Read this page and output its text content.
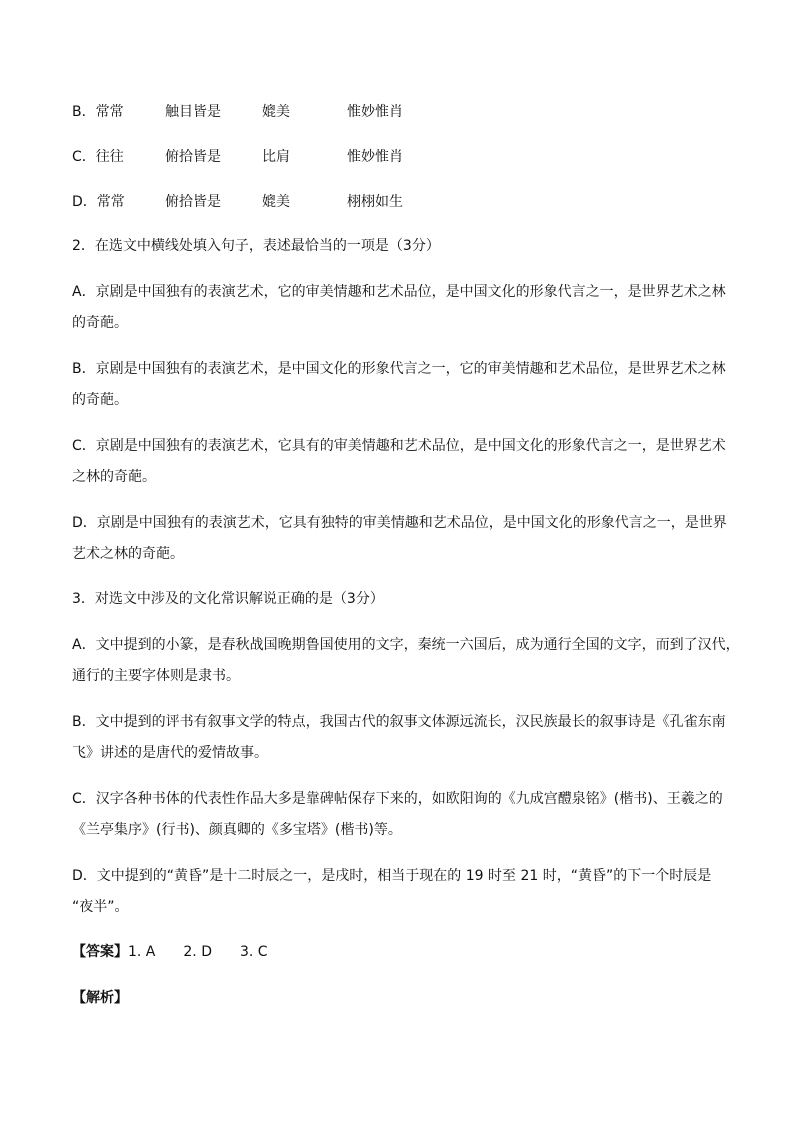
B．常常	触目皆是	媲美	惟妙惟肖
C．往往	俯拾皆是	比肩	惟妙惟肖
D．常常	俯拾皆是	媲美	栩栩如生
2．在选文中横线处填入句子，表述最恰当的一项是（3分）
A．京剧是中国独有的表演艺术，它的审美情趣和艺术品位，是中国文化的形象代言之一，是世界艺术之林
的奇葩。
B．京剧是中国独有的表演艺术，是中国文化的形象代言之一，它的审美情趣和艺术品位，是世界艺术之林
的奇葩。
C．京剧是中国独有的表演艺术，它具有的审美情趣和艺术品位，是中国文化的形象代言之一，是世界艺术
之林的奇葩。
D．京剧是中国独有的表演艺术，它具有独特的审美情趣和艺术品位，是中国文化的形象代言之一，是世界
艺术之林的奇葩。
3．对选文中涉及的文化常识解说正确的是（3分）
A．文中提到的小篆，是春秋战国晚期鲁国使用的文字，秦统一六国后，成为通行全国的文字，而到了汉代，
通行的主要字体则是隶书。
B．文中提到的评书有叙事文学的特点，我国古代的叙事文体源远流长，汉民族最长的叙事诗是《孔雀东南
飞》讲述的是唐代的爱情故事。
C．汉字各种书体的代表性作品大多是靠碑帖保存下来的，如欧阳询的《九成宫醴泉铭》(楷书)、王羲之的
《兰亭集序》(行书)、颜真卿的《多宝塔》(楷书)等。
D．文中提到的“黄昏”是十二时辰之一，是戌时，相当于现在的 19 时至 21 时，“黄昏”的下一个时辰是
“夜半”。
【答案】1. A　　2. D　　3. C
【解析】
